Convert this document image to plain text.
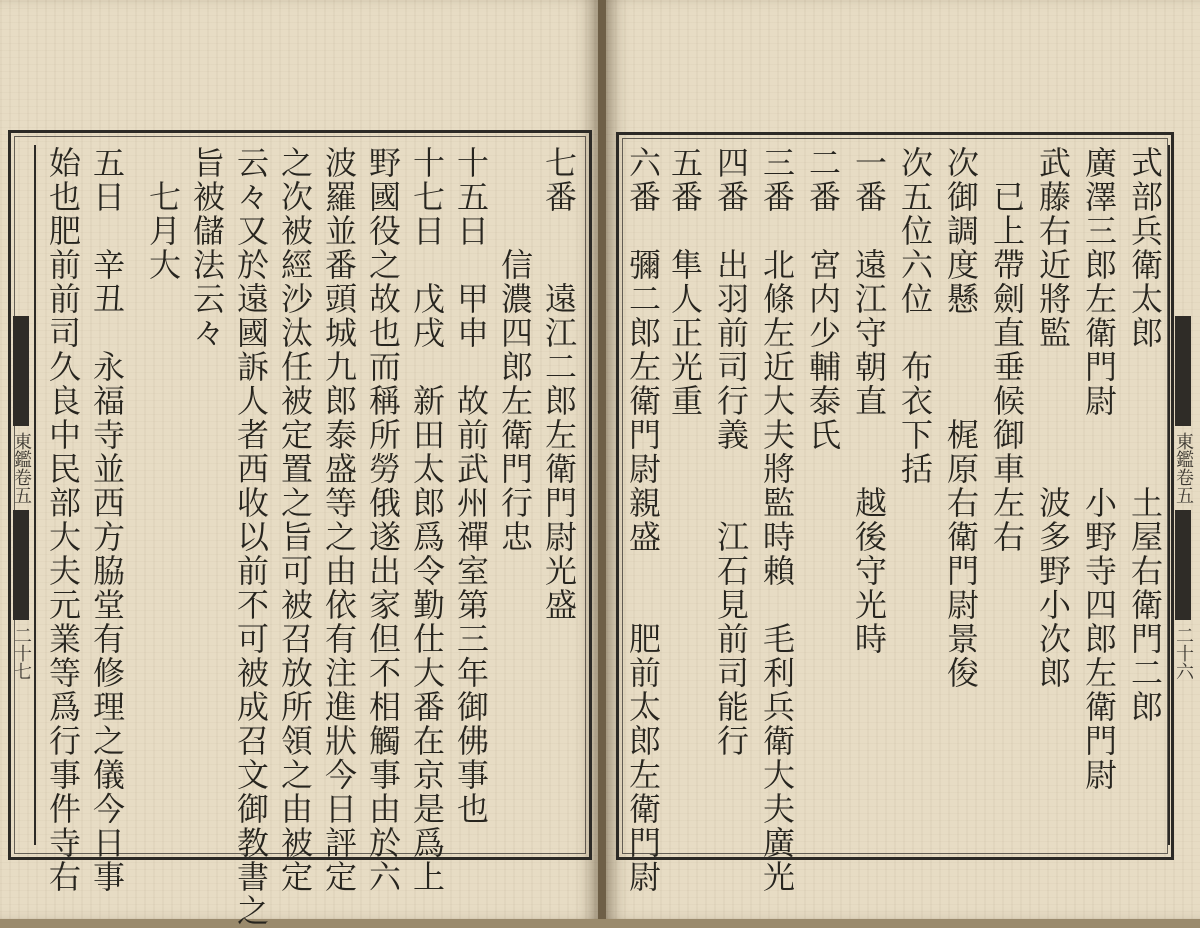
東鑑卷五
二十七
東鑑卷五
二十六
式部兵衛太郎　　　　土屋右衛門二郎
廣澤三郎左衛門尉　　小野寺四郎左衛門尉
武藤右近將監　　　　波多野小次郎
　已上帶劍直垂候御車左右
次御調度懸　　　梶原右衛門尉景俊
次五位六位　布衣下括
一番　遠江守朝直　　越後守光時
二番　宮内少輔泰氏
三番　北條左近大夫將監時賴　毛利兵衛大夫廣光
四番　出羽前司行義　　江石見前司能行
五番　隼人正光重
六番　彌二郎左衛門尉親盛　　肥前太郎左衛門尉
七番　　遠江二郎左衛門尉光盛
　　　信濃四郎左衛門行忠
十五日　甲申　故前武州禪室第三年御佛事也
十七日　戊戌　新田太郎爲令勤仕大番在京是爲上
野國役之故也而稱所勞俄遂出家但不相觸事由於六
波羅並番頭城九郎泰盛等之由依有注進狀今日評定
之次被經沙汰任被定置之旨可被召放所領之由被定
云々又於遠國訴人者西收以前不可被成召文御教書之
旨被儲法云々
　七月大
五日　辛丑　永福寺並西方脇堂有修理之儀今日事
始也肥前前司久良中民部大夫元業等爲行事件寺右
